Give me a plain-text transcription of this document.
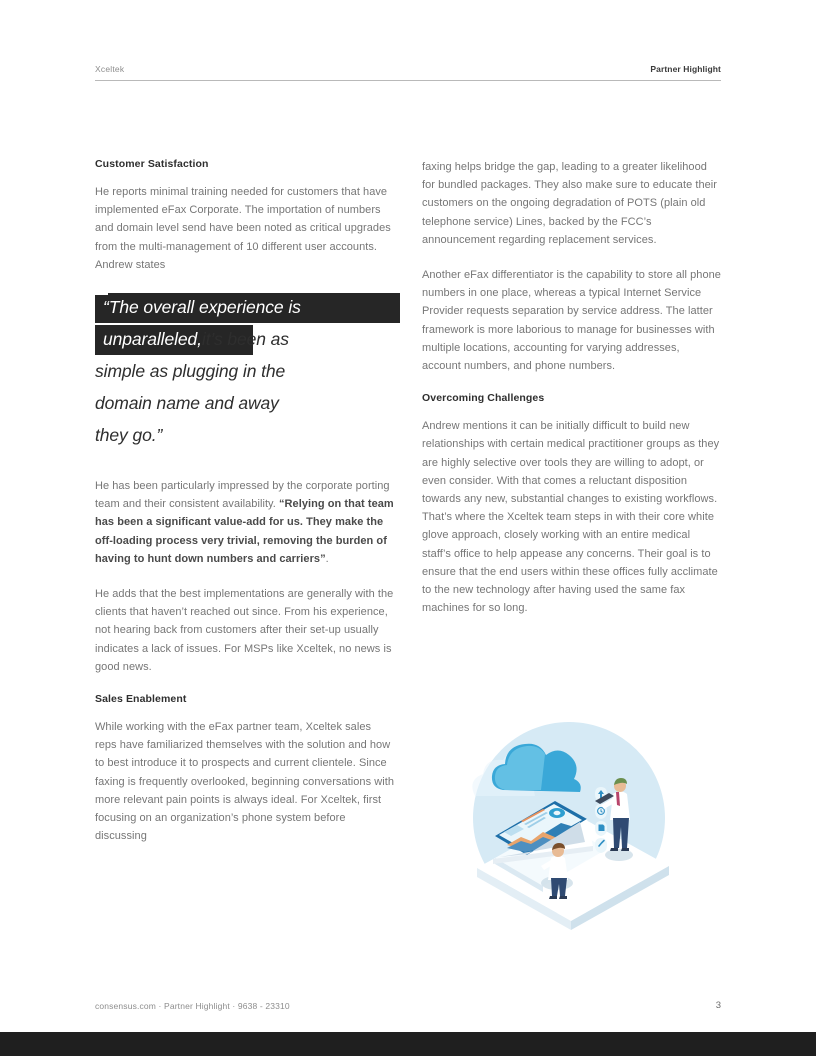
Xceltek	Partner Highlight
Customer Satisfaction

He reports minimal training needed for customers that have implemented eFax Corporate. The importation of numbers and domain level send have been noted as critical upgrades from the multi-management of 10 different user accounts. Andrew states

“The overall experience is
unparalleled,it’s been as
simple as plugging in the
domain name and away
they go.”

He has been particularly impressed by the corporate porting team and their consistent availability. “Relying on that team has been a significant value-add for us. They make the off-loading process very trivial, removing the burden of having to hunt down numbers and carriers”.

He adds that the best implementations are generally with the clients that haven’t reached out since. From his experience, not hearing back from customers after their set-up usually indicates a lack of issues. For MSPs like Xceltek, no news is good news.

Sales Enablement

While working with the eFax partner team, Xceltek sales reps have familiarized themselves with the solution and how to best introduce it to prospects and current clientele. Since faxing is frequently overlooked, beginning conversations with more relevant pain points is always ideal. For Xceltek, first focusing on an organization’s phone system before discussing

faxing helps bridge the gap, leading to a greater likelihood for bundled packages. They also make sure to educate their customers on the ongoing degradation of POTS (plain old telephone service) Lines, backed by the FCC’s announcement regarding replacement services.

Another eFax differentiator is the capability to store all phone numbers in one place, whereas a typical Internet Service Provider requests separation by service address. The latter framework is more laborious to manage for businesses with multiple locations, accounting for varying addresses, account numbers, and phone numbers.

Overcoming Challenges

Andrew mentions it can be initially difficult to build new relationships with certain medical practitioner groups as they are highly selective over tools they are willing to adopt, or even consider. With that comes a reluctant disposition towards any new, substantial changes to existing workflows. That’s where the Xceltek team steps in with their core white glove approach, closely working with an entire medical staff’s office to help appease any concerns. Their goal is to ensure that the end users within these offices fully acclimate to the new technology after having used the same fax machines for so long.

consensus.com · Partner Highlight · 9638 - 23310	3
